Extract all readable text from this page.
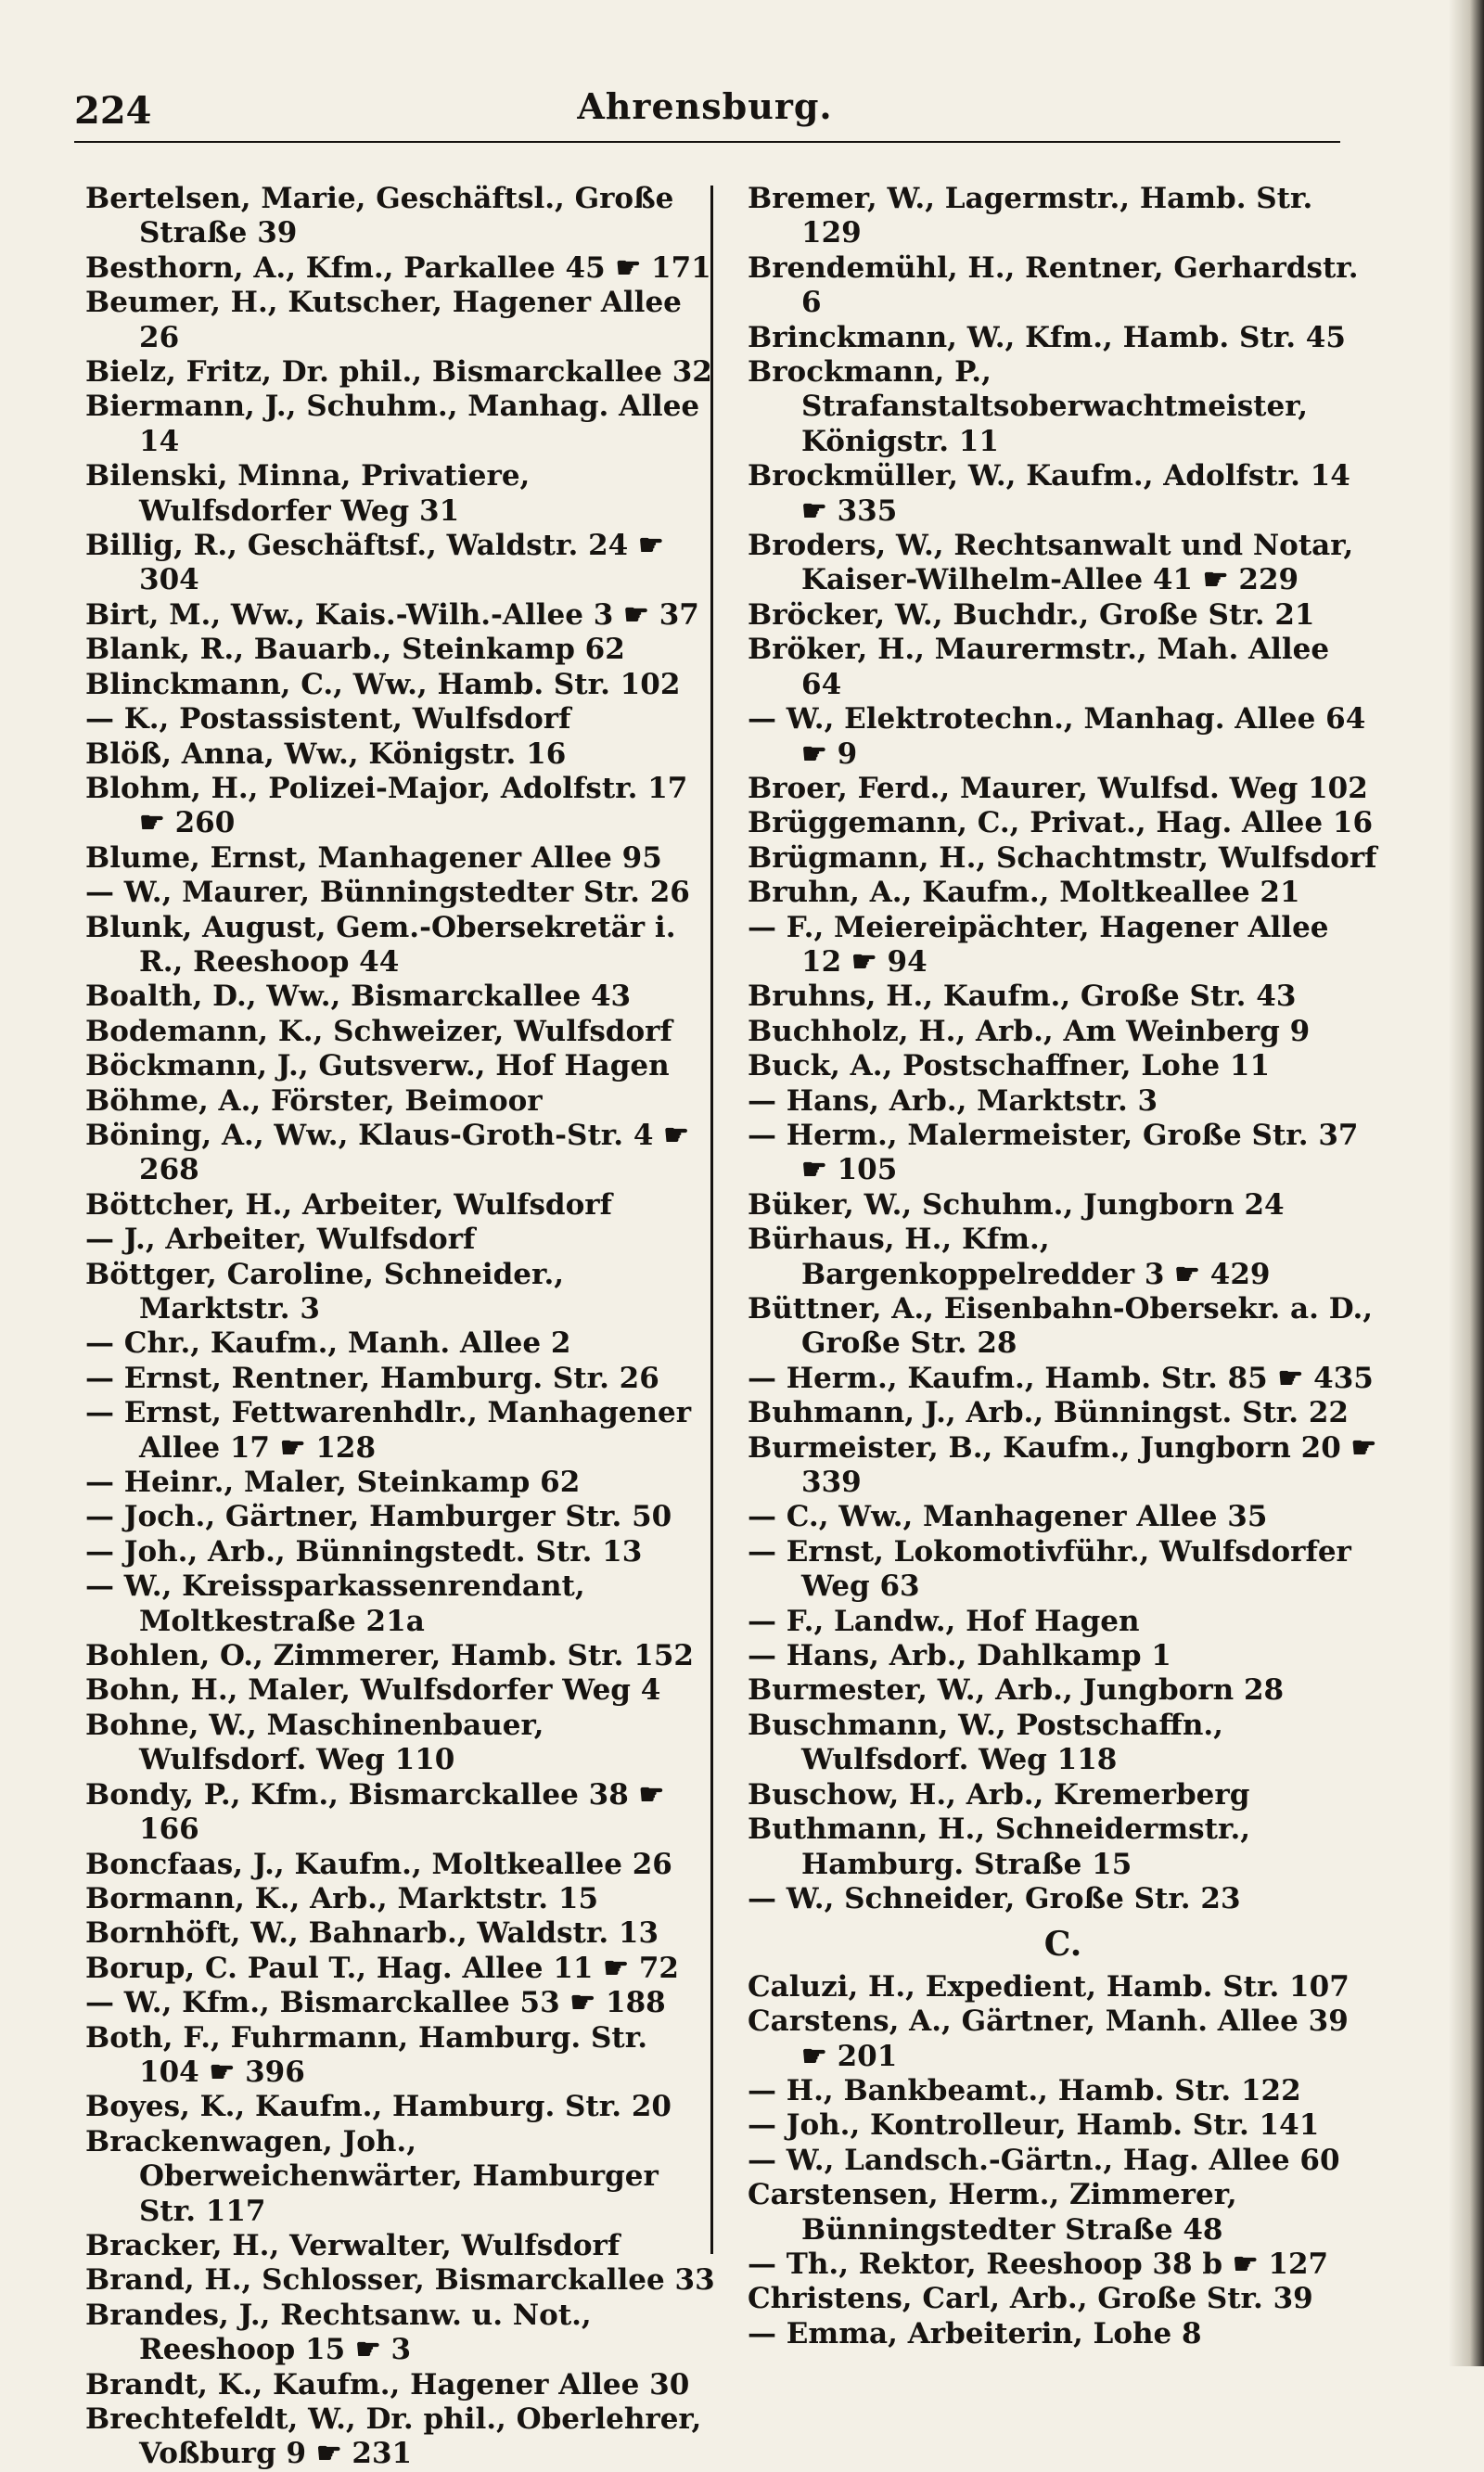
224	Ahrensburg.

Bertelsen, Marie, Geschäftsl., Große Straße 39

Besthorn, A., Kfm., Parkallee 45 ☛ 171

Beumer, H., Kutscher, Hagener Allee 26

Bielz, Fritz, Dr. phil., Bismarckallee 32

Biermann, J., Schuhm., Manhag. Allee 14

Bilenski, Minna, Privatiere, Wulfsdorfer Weg 31

Billig, R., Geschäftsf., Waldstr. 24 ☛ 304

Birt, M., Ww., Kais.-Wilh.-Allee 3 ☛ 37

Blank, R., Bauarb., Steinkamp 62

Blinckmann, C., Ww., Hamb. Str. 102

— K., Postassistent, Wulfsdorf

Blöß, Anna, Ww., Königstr. 16

Blohm, H., Polizei-Major, Adolfstr. 17 ☛ 260

Blume, Ernst, Manhagener Allee 95

— W., Maurer, Bünningstedter Str. 26

Blunk, August, Gem.-Obersekretär i. R., Reeshoop 44

Boalth, D., Ww., Bismarckallee 43

Bodemann, K., Schweizer, Wulfsdorf

Böckmann, J., Gutsverw., Hof Hagen

Böhme, A., Förster, Beimoor

Böning, A., Ww., Klaus-Groth-Str. 4 ☛ 268

Böttcher, H., Arbeiter, Wulfsdorf

— J., Arbeiter, Wulfsdorf

Böttger, Caroline, Schneider., Marktstr. 3

— Chr., Kaufm., Manh. Allee 2

— Ernst, Rentner, Hamburg. Str. 26

— Ernst, Fettwarenhdlr., Manhagener Allee 17 ☛ 128

— Heinr., Maler, Steinkamp 62

— Joch., Gärtner, Hamburger Str. 50

— Joh., Arb., Bünningstedt. Str. 13

— W., Kreissparkassenrendant, Moltkestraße 21a

Bohlen, O., Zimmerer, Hamb. Str. 152

Bohn, H., Maler, Wulfsdorfer Weg 4

Bohne, W., Maschinenbauer, Wulfsdorf. Weg 110

Bondy, P., Kfm., Bismarckallee 38 ☛ 166

Boncfaas, J., Kaufm., Moltkeallee 26

Bormann, K., Arb., Marktstr. 15

Bornhöft, W., Bahnarb., Waldstr. 13

Borup, C. Paul T., Hag. Allee 11 ☛ 72

— W., Kfm., Bismarckallee 53 ☛ 188

Both, F., Fuhrmann, Hamburg. Str. 104 ☛ 396

Boyes, K., Kaufm., Hamburg. Str. 20

Brackenwagen, Joh., Oberweichenwärter, Hamburger Str. 117

Bracker, H., Verwalter, Wulfsdorf

Brand, H., Schlosser, Bismarckallee 33

Brandes, J., Rechtsanw. u. Not., Reeshoop 15 ☛ 3

Brandt, K., Kaufm., Hagener Allee 30

Brechtefeldt, W., Dr. phil., Oberlehrer, Voßburg 9 ☛ 231

Bremer, W., Lagermstr., Hamb. Str. 129

Brendemühl, H., Rentner, Gerhardstr. 6

Brinckmann, W., Kfm., Hamb. Str. 45

Brockmann, P., Strafanstaltsoberwachtmeister, Königstr. 11

Brockmüller, W., Kaufm., Adolfstr. 14 ☛ 335

Broders, W., Rechtsanwalt und Notar, Kaiser-Wilhelm-Allee 41 ☛ 229

Bröcker, W., Buchdr., Große Str. 21

Bröker, H., Maurermstr., Mah. Allee 64

— W., Elektrotechn., Manhag. Allee 64 ☛ 9

Broer, Ferd., Maurer, Wulfsd. Weg 102

Brüggemann, C., Privat., Hag. Allee 16

Brügmann, H., Schachtmstr, Wulfsdorf

Bruhn, A., Kaufm., Moltkeallee 21

— F., Meiereipächter, Hagener Allee 12 ☛ 94

Bruhns, H., Kaufm., Große Str. 43

Buchholz, H., Arb., Am Weinberg 9

Buck, A., Postschaffner, Lohe 11

— Hans, Arb., Marktstr. 3

— Herm., Malermeister, Große Str. 37 ☛ 105

Büker, W., Schuhm., Jungborn 24

Bürhaus, H., Kfm., Bargenkoppelredder 3 ☛ 429

Büttner, A., Eisenbahn-Obersekr. a. D., Große Str. 28

— Herm., Kaufm., Hamb. Str. 85 ☛ 435

Buhmann, J., Arb., Bünningst. Str. 22

Burmeister, B., Kaufm., Jungborn 20 ☛ 339

— C., Ww., Manhagener Allee 35

— Ernst, Lokomotivführ., Wulfsdorfer Weg 63

— F., Landw., Hof Hagen

— Hans, Arb., Dahlkamp 1

Burmester, W., Arb., Jungborn 28

Buschmann, W., Postschaffn., Wulfsdorf. Weg 118

Buschow, H., Arb., Kremerberg

Buthmann, H., Schneidermstr., Hamburg. Straße 15

— W., Schneider, Große Str. 23

C.

Caluzi, H., Expedient, Hamb. Str. 107

Carstens, A., Gärtner, Manh. Allee 39 ☛ 201

— H., Bankbeamt., Hamb. Str. 122

— Joh., Kontrolleur, Hamb. Str. 141

— W., Landsch.-Gärtn., Hag. Allee 60

Carstensen, Herm., Zimmerer, Bünningstedter Straße 48

— Th., Rektor, Reeshoop 38 b ☛ 127

Christens, Carl, Arb., Große Str. 39

— Emma, Arbeiterin, Lohe 8
